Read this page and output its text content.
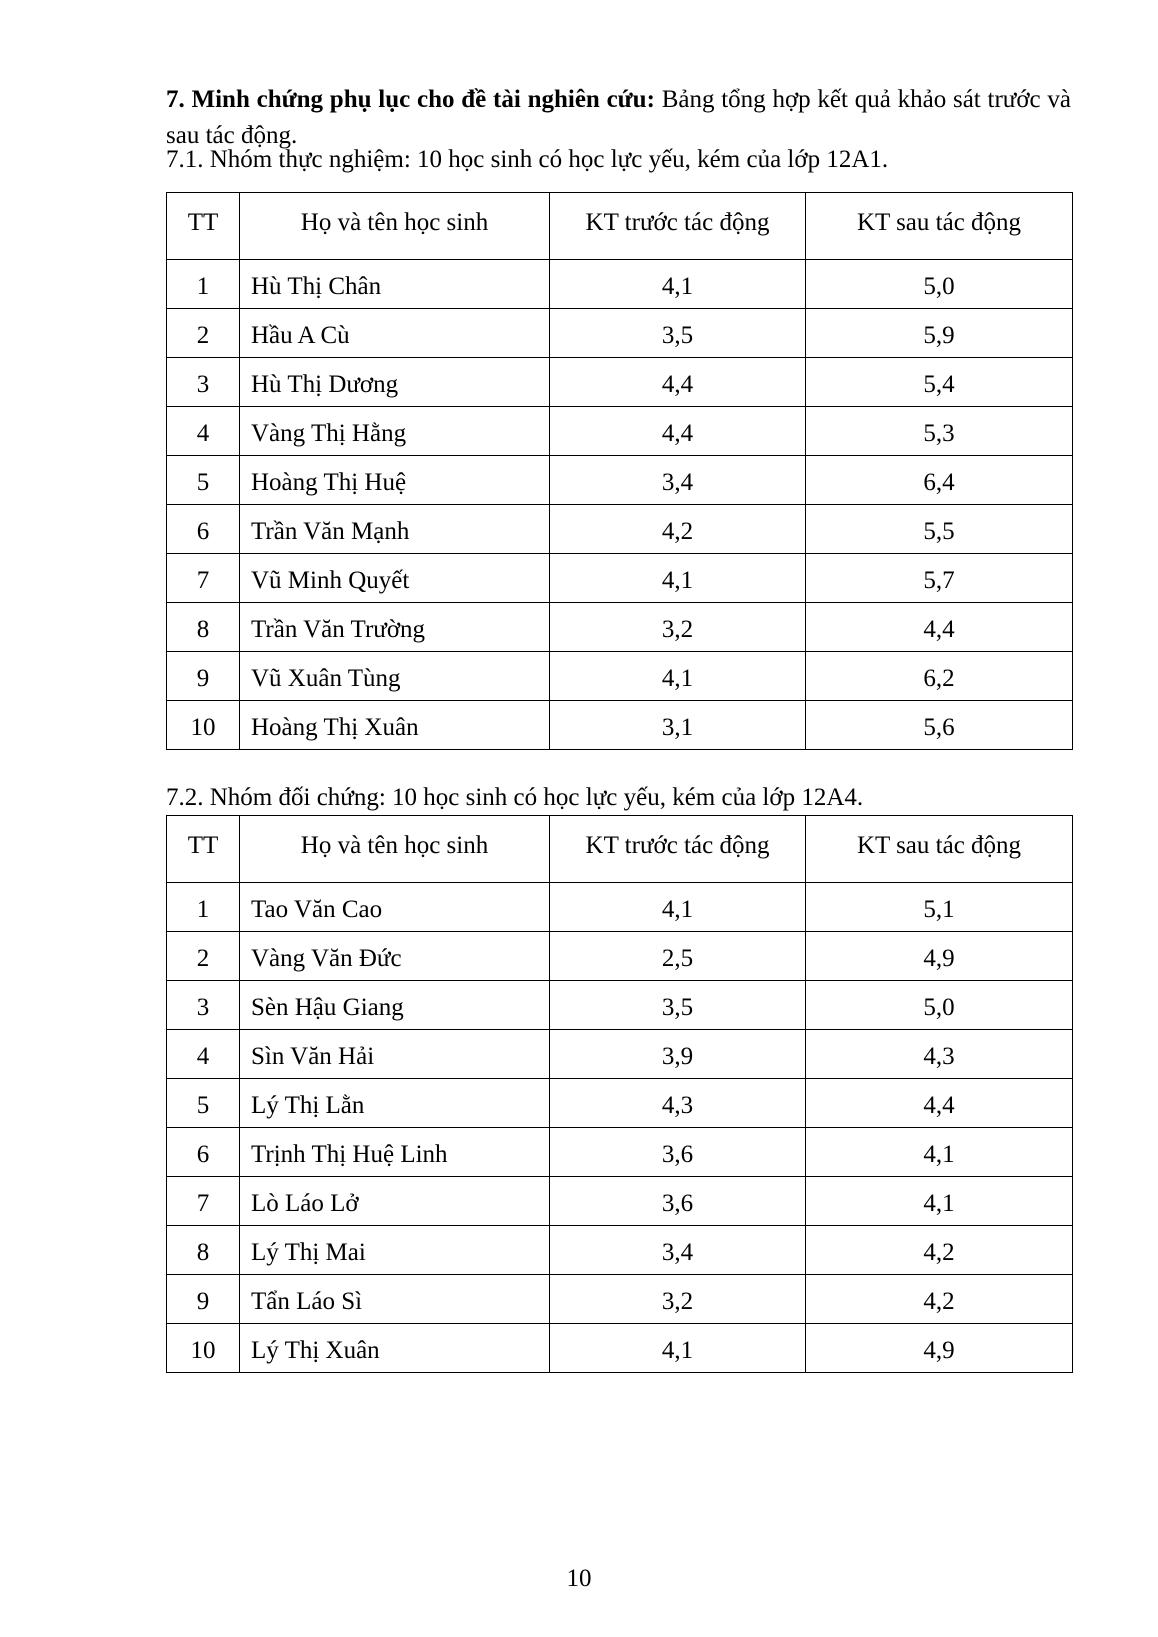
7. Minh chứng phụ lục cho đề tài nghiên cứu: Bảng tổng hợp kết quả khảo sát trước và sau tác động.
7.1. Nhóm thực nghiệm: 10 học sinh có học lực yếu, kém của lớp 12A1.
TT	Họ và tên học sinh	KT trước tác động	KT sau tác động
1	Hù Thị Chân	4,1	5,0
2	Hầu A Cù	3,5	5,9
3	Hù Thị Dương	4,4	5,4
4	Vàng Thị Hằng	4,4	5,3
5	Hoàng Thị Huệ	3,4	6,4
6	Trần Văn Mạnh	4,2	5,5
7	Vũ Minh Quyết	4,1	5,7
8	Trần Văn Trường	3,2	4,4
9	Vũ Xuân Tùng	4,1	6,2
10	Hoàng Thị Xuân	3,1	5,6
7.2. Nhóm đối chứng: 10 học sinh có học lực yếu, kém của lớp 12A4.
TT	Họ và tên học sinh	KT trước tác động	KT sau tác động
1	Tao Văn Cao	4,1	5,1
2	Vàng Văn Đức	2,5	4,9
3	Sèn Hậu Giang	3,5	5,0
4	Sìn Văn Hải	3,9	4,3
5	Lý Thị Lằn	4,3	4,4
6	Trịnh Thị Huệ Linh	3,6	4,1
7	Lò Láo Lở	3,6	4,1
8	Lý Thị Mai	3,4	4,2
9	Tẩn Láo Sì	3,2	4,2
10	Lý Thị Xuân	4,1	4,9
10
